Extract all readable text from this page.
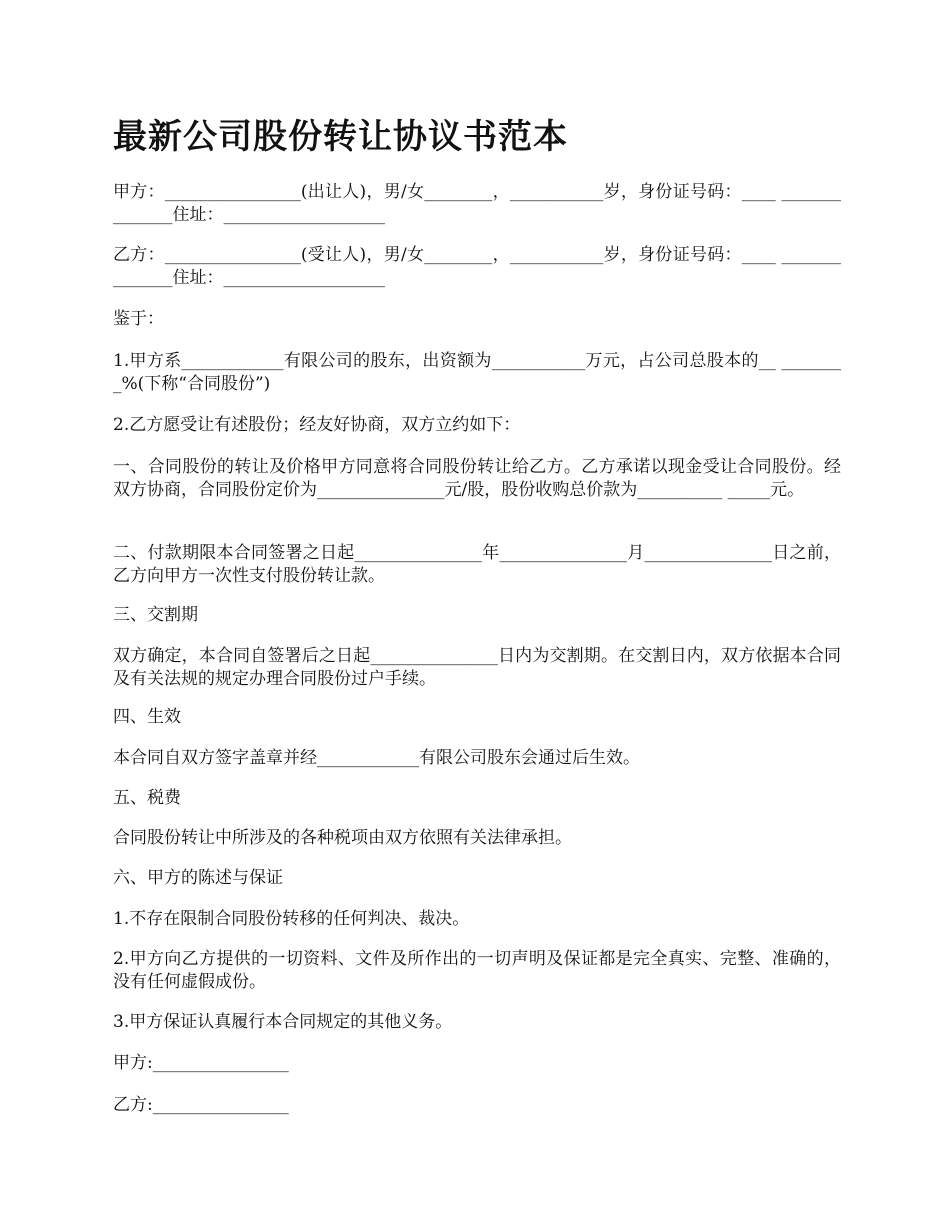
最新公司股份转让协议书范本

甲方：________________(出让人)，男/女________，___________岁，身份证号码：____ ______________住址：___________________

乙方：________________(受让人)，男/女________，___________岁，身份证号码：____ ______________住址：___________________

鉴于：

1.甲方系____________有限公司的股东，出资额为___________万元，占公司总股本的__ ________%(下称“合同股份”)

2.乙方愿受让有述股份；经友好协商，双方立约如下：

一、合同股份的转让及价格甲方同意将合同股份转让给乙方。乙方承诺以现金受让合同股份。经双方协商，合同股份定价为_______________元/股，股份收购总价款为__________ _____元。

二、付款期限本合同签署之日起_______________年_______________月_______________日之前，乙方向甲方一次性支付股份转让款。

三、交割期

双方确定，本合同自签署后之日起_______________日内为交割期。在交割日内，双方依据本合同及有关法规的规定办理合同股份过户手续。

四、生效

本合同自双方签字盖章并经____________有限公司股东会通过后生效。

五、税费

合同股份转让中所涉及的各种税项由双方依照有关法律承担。

六、甲方的陈述与保证

1.不存在限制合同股份转移的任何判决、裁决。

2.甲方向乙方提供的一切资料、文件及所作出的一切声明及保证都是完全真实、完整、准确的，没有任何虚假成份。

3.甲方保证认真履行本合同规定的其他义务。

甲方:________________

乙方:________________
